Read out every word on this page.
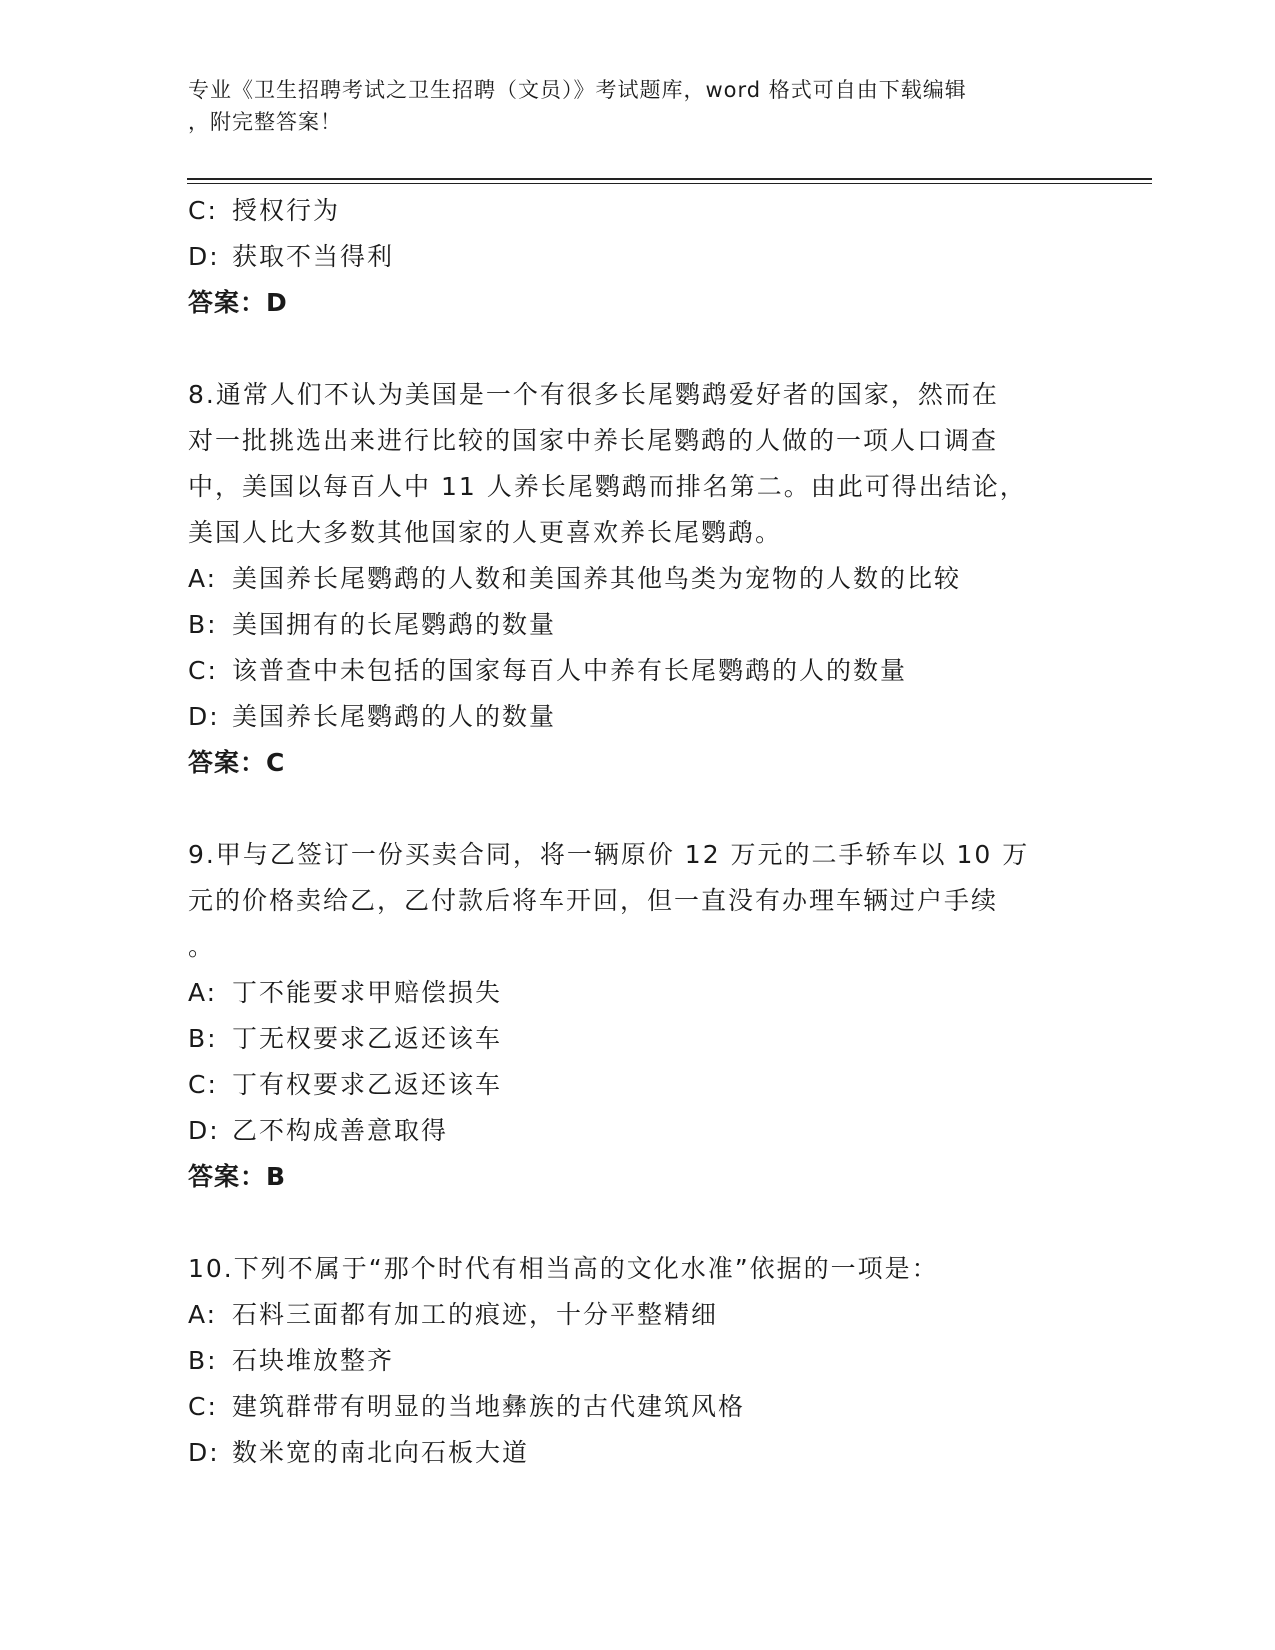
专业《卫生招聘考试之卫生招聘（文员）》考试题库，word 格式可自由下载编辑
，附完整答案！
C: 授权行为
D: 获取不当得利
答案：D
8.通常人们不认为美国是一个有很多长尾鹦鹉爱好者的国家，然而在
对一批挑选出来进行比较的国家中养长尾鹦鹉的人做的一项人口调查
中，美国以每百人中 11 人养长尾鹦鹉而排名第二。由此可得出结论，
美国人比大多数其他国家的人更喜欢养长尾鹦鹉。
A: 美国养长尾鹦鹉的人数和美国养其他鸟类为宠物的人数的比较
B: 美国拥有的长尾鹦鹉的数量
C: 该普查中未包括的国家每百人中养有长尾鹦鹉的人的数量
D: 美国养长尾鹦鹉的人的数量
答案：C
9.甲与乙签订一份买卖合同，将一辆原价 12 万元的二手轿车以 10 万
元的价格卖给乙，乙付款后将车开回，但一直没有办理车辆过户手续
。
A: 丁不能要求甲赔偿损失
B: 丁无权要求乙返还该车
C: 丁有权要求乙返还该车
D: 乙不构成善意取得
答案：B
10.下列不属于“那个时代有相当高的文化水准”依据的一项是：
A: 石料三面都有加工的痕迹，十分平整精细
B: 石块堆放整齐
C: 建筑群带有明显的当地彝族的古代建筑风格
D: 数米宽的南北向石板大道
